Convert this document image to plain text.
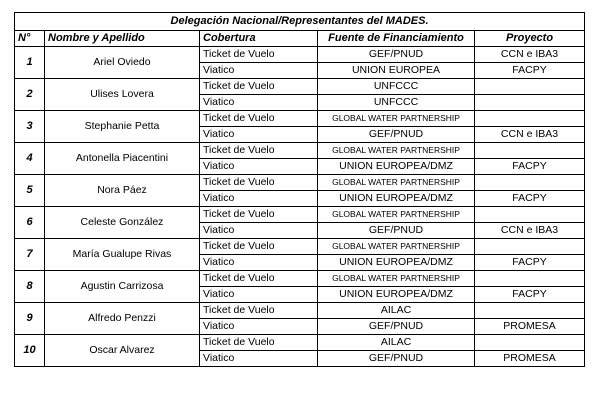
Delegación Nacional/Representantes del MADES.				
N°	Nombre y Apellido	Cobertura	Fuente de Financiamiento	Proyecto
1	Ariel Oviedo	Ticket de Vuelo	GEF/PNUD	CCN e IBA3
		Viatico	UNION EUROPEA	FACPY
2	Ulises Lovera	Ticket de Vuelo	UNFCCC	
		Viatico	UNFCCC	
3	Stephanie Petta	Ticket de Vuelo	GLOBAL WATER PARTNERSHIP	
		Viatico	GEF/PNUD	CCN e IBA3
4	Antonella Piacentini	Ticket de Vuelo	GLOBAL WATER PARTNERSHIP	
		Viatico	UNION EUROPEA/DMZ	FACPY
5	Nora Páez	Ticket de Vuelo	GLOBAL WATER PARTNERSHIP	
		Viatico	UNION EUROPEA/DMZ	FACPY
6	Celeste González	Ticket de Vuelo	GLOBAL WATER PARTNERSHIP	
		Viatico	GEF/PNUD	CCN e IBA3
7	María Gualupe Rivas	Ticket de Vuelo	GLOBAL WATER PARTNERSHIP	
		Viatico	UNION EUROPEA/DMZ	FACPY
8	Agustin Carrizosa	Ticket de Vuelo	GLOBAL WATER PARTNERSHIP	
		Viatico	UNION EUROPEA/DMZ	FACPY
9	Alfredo Penzzi	Ticket de Vuelo	AILAC	
		Viatico	GEF/PNUD	PROMESA
10	Oscar Alvarez	Ticket de Vuelo	AILAC	
		Viatico	GEF/PNUD	PROMESA
